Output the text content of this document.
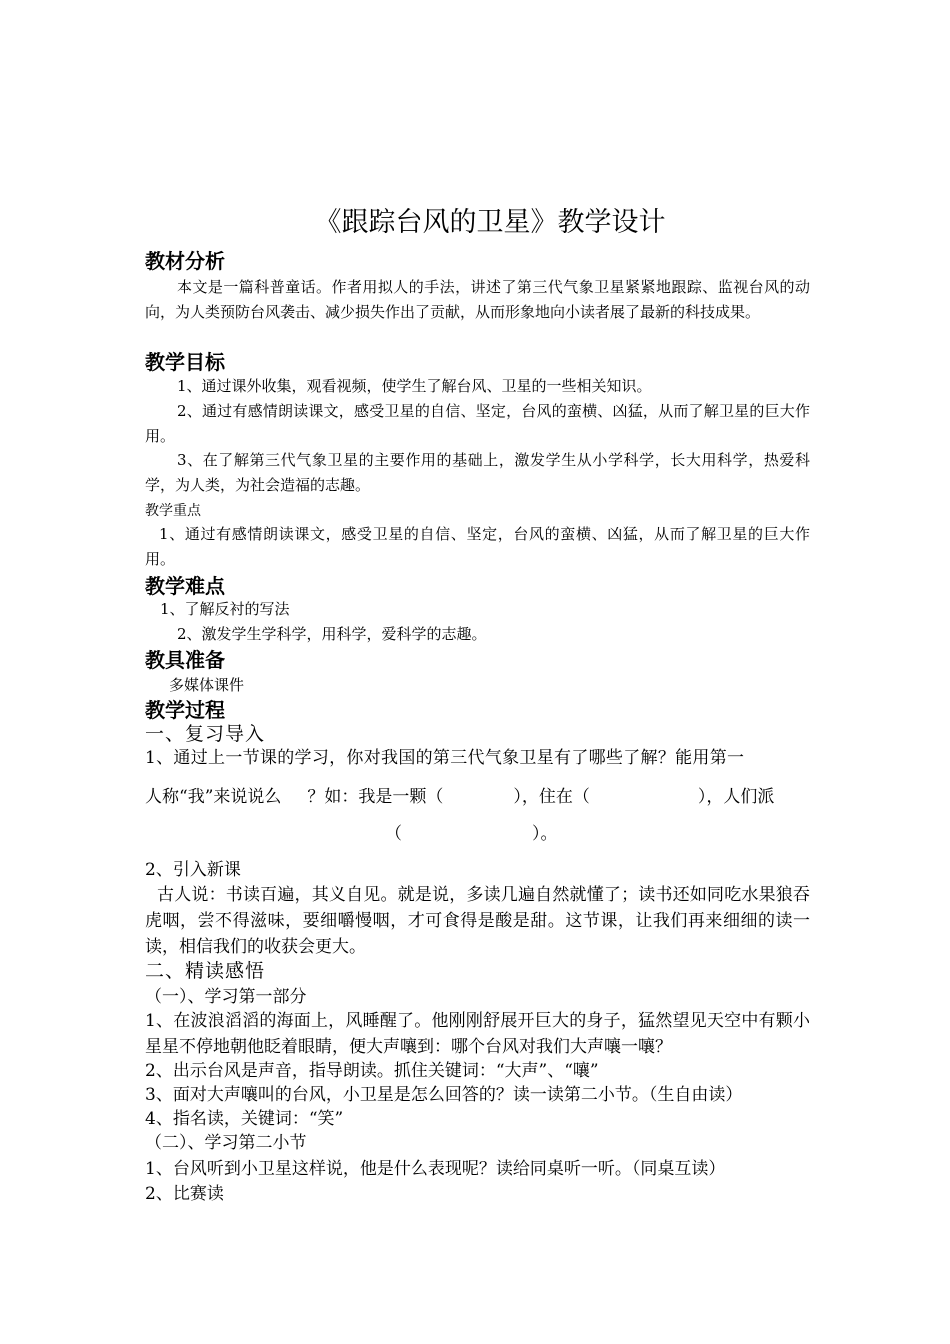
《跟踪台风的卫星》教学设计
教材分析

本文是一篇科普童话。作者用拟人的手法，讲述了第三代气象卫星紧紧地跟踪、监视台风的动向，为人类预防台风袭击、减少损失作出了贡献，从而形象地向小读者展了最新的科技成果。

教学目标

1、通过课外收集，观看视频，使学生了解台风、卫星的一些相关知识。

2、通过有感情朗读课文，感受卫星的自信、坚定，台风的蛮横、凶猛，从而了解卫星的巨大作用。

3、在了解第三代气象卫星的主要作用的基础上，激发学生从小学科学，长大用科学，热爱科学，为人类，为社会造福的志趣。

教学重点

1、通过有感情朗读课文，感受卫星的自信、坚定，台风的蛮横、凶猛，从而了解卫星的巨大作用。

教学难点

1、了解反衬的写法

2、激发学生学科学，用科学，爱科学的志趣。

教具准备

多媒体课件

教学过程

一、复习导入

1、通过上一节课的学习，你对我国的第三代气象卫星有了哪些了解？能用第一

人称“我”来说说么 ？如：我是一颗（	），住在（	），人们派

（	）。

2、引入新课

古人说：书读百遍，其义自见。就是说，多读几遍自然就懂了；读书还如同吃水果狼吞虎咽，尝不得滋味，要细嚼慢咽，才可食得是酸是甜。这节课，让我们再来细细的读一读，相信我们的收获会更大。

二、精读感悟

（一）、学习第一部分

1、在波浪滔滔的海面上，风睡醒了。他刚刚舒展开巨大的身子，猛然望见天空中有颗小星星不停地朝他眨着眼睛，便大声嚷到：哪个台风对我们大声嚷一嚷？

2、出示台风是声音，指导朗读。抓住关键词：“大声”、“嚷”

3、面对大声嚷叫的台风，小卫星是怎么回答的？读一读第二小节。（生自由读）

4、指名读，关键词：“笑”

（二）、学习第二小节

1、台风听到小卫星这样说，他是什么表现呢？读给同桌听一听。（同桌互读）

2、比赛读
